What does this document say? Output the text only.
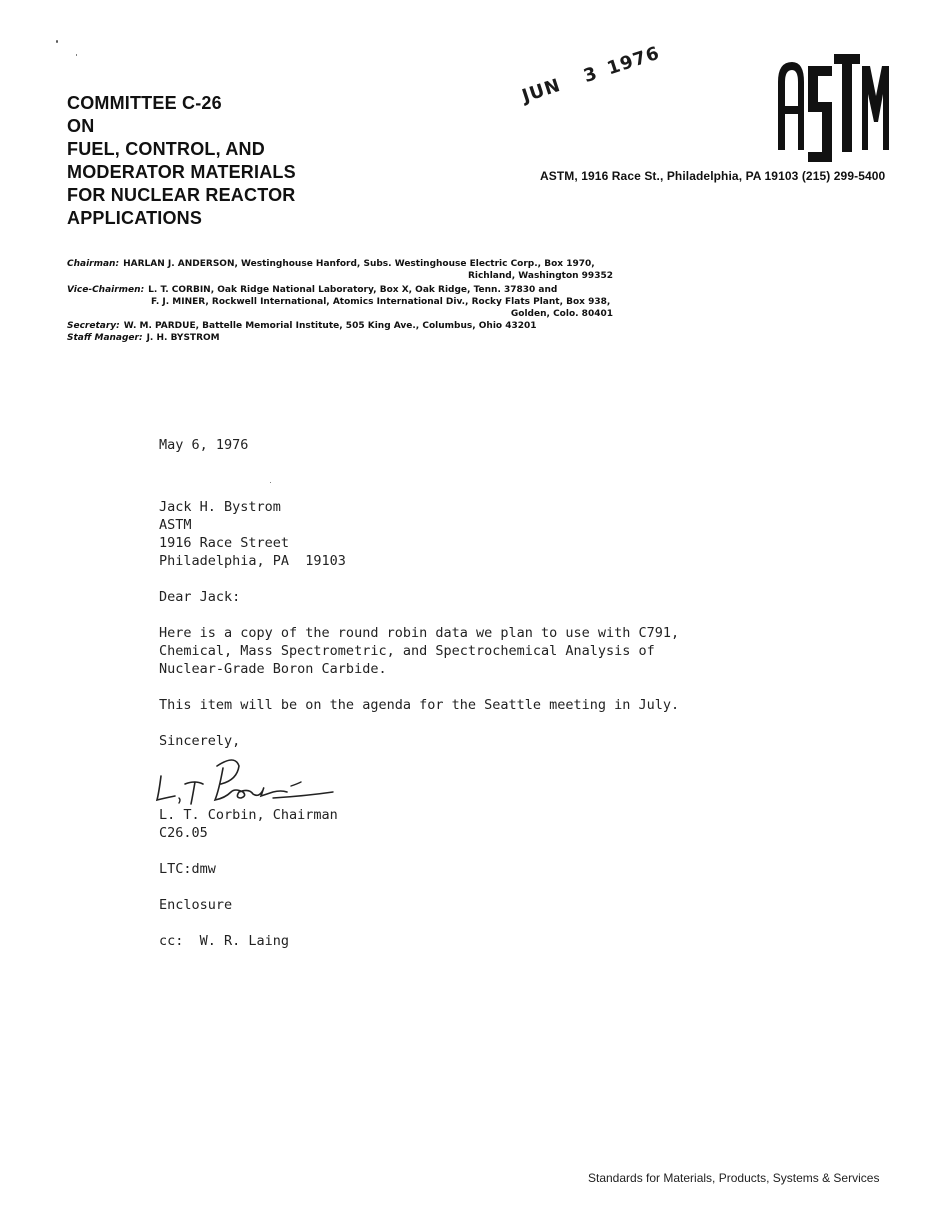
COMMITTEE C-26
ON
FUEL, CONTROL, AND
MODERATOR MATERIALS
FOR NUCLEAR REACTOR
APPLICATIONS
JUN 3 1976
ASTM, 1916 Race St., Philadelphia, PA 19103 (215) 299-5400
Chairman: HARLAN J. ANDERSON, Westinghouse Hanford, Subs. Westinghouse Electric Corp., Box 1970,
Richland, Washington 99352
Vice-Chairmen: L. T. CORBIN, Oak Ridge National Laboratory, Box X, Oak Ridge, Tenn. 37830 and
F. J. MINER, Rockwell International, Atomics International Div., Rocky Flats Plant, Box 938,
Golden, Colo. 80401
Secretary: W. M. PARDUE, Battelle Memorial Institute, 505 King Ave., Columbus, Ohio 43201
Staff Manager: J. H. BYSTROM
May 6, 1976
Jack H. Bystrom
ASTM
1916 Race Street
Philadelphia, PA  19103
Dear Jack:
Here is a copy of the round robin data we plan to use with C791,
Chemical, Mass Spectrometric, and Spectrochemical Analysis of
Nuclear-Grade Boron Carbide.
This item will be on the agenda for the Seattle meeting in July.
Sincerely,
L. T. Corbin, Chairman
C26.05
LTC:dmw
Enclosure
cc:  W. R. Laing
Standards for Materials, Products, Systems & Services
